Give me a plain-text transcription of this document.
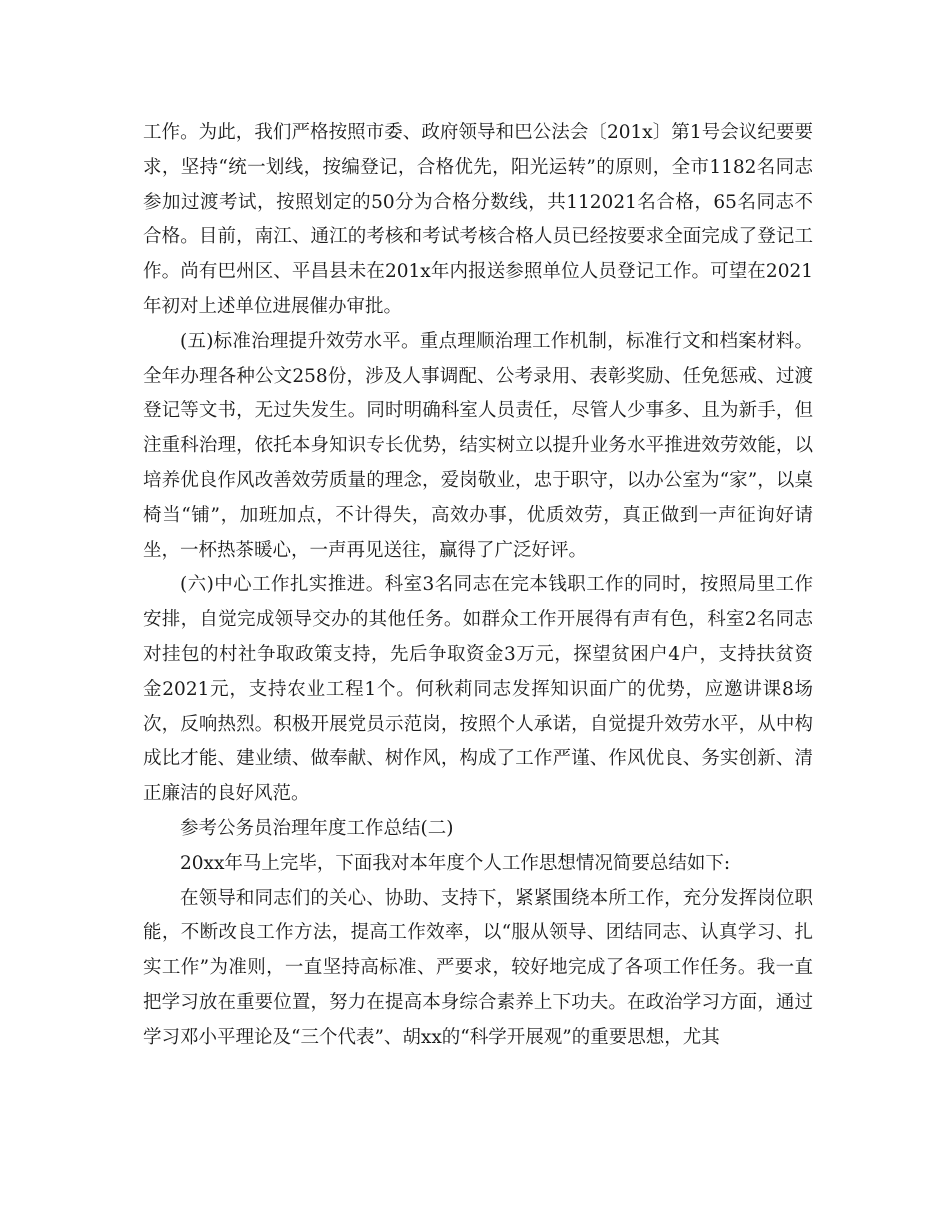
工作。为此，我们严格按照市委、政府领导和巴公法会〔201x〕第1号会议纪要要求，坚持“统一划线，按编登记，合格优先，阳光运转”的原则，全市1182名同志参加过渡考试，按照划定的50分为合格分数线，共112021名合格，65名同志不合格。目前，南江、通江的考核和考试考核合格人员已经按要求全面完成了登记工作。尚有巴州区、平昌县未在201x年内报送参照单位人员登记工作。可望在2021年初对上述单位进展催办审批。

(五)标准治理提升效劳水平。重点理顺治理工作机制，标准行文和档案材料。全年办理各种公文258份，涉及人事调配、公考录用、表彰奖励、任免惩戒、过渡登记等文书，无过失发生。同时明确科室人员责任，尽管人少事多、且为新手，但注重科治理，依托本身知识专长优势，结实树立以提升业务水平推进效劳效能，以培养优良作风改善效劳质量的理念，爱岗敬业，忠于职守，以办公室为“家”，以桌椅当“铺”，加班加点，不计得失，高效办事，优质效劳，真正做到一声征询好请坐，一杯热茶暖心，一声再见送往，赢得了广泛好评。

(六)中心工作扎实推进。科室3名同志在完本钱职工作的同时，按照局里工作安排，自觉完成领导交办的其他任务。如群众工作开展得有声有色，科室2名同志对挂包的村社争取政策支持，先后争取资金3万元，探望贫困户4户，支持扶贫资金2021元，支持农业工程1个。何秋莉同志发挥知识面广的优势，应邀讲课8场次，反响热烈。积极开展党员示范岗，按照个人承诺，自觉提升效劳水平，从中构成比才能、建业绩、做奉献、树作风，构成了工作严谨、作风优良、务实创新、清正廉洁的良好风范。

参考公务员治理年度工作总结(二)

20xx年马上完毕，下面我对本年度个人工作思想情况简要总结如下:

在领导和同志们的关心、协助、支持下，紧紧围绕本所工作，充分发挥岗位职能，不断改良工作方法，提高工作效率，以“服从领导、团结同志、认真学习、扎实工作”为准则，一直坚持高标准、严要求，较好地完成了各项工作任务。我一直把学习放在重要位置，努力在提高本身综合素养上下功夫。在政治学习方面，通过学习邓小平理论及“三个代表”、胡xx的“科学开展观”的重要思想，尤其
